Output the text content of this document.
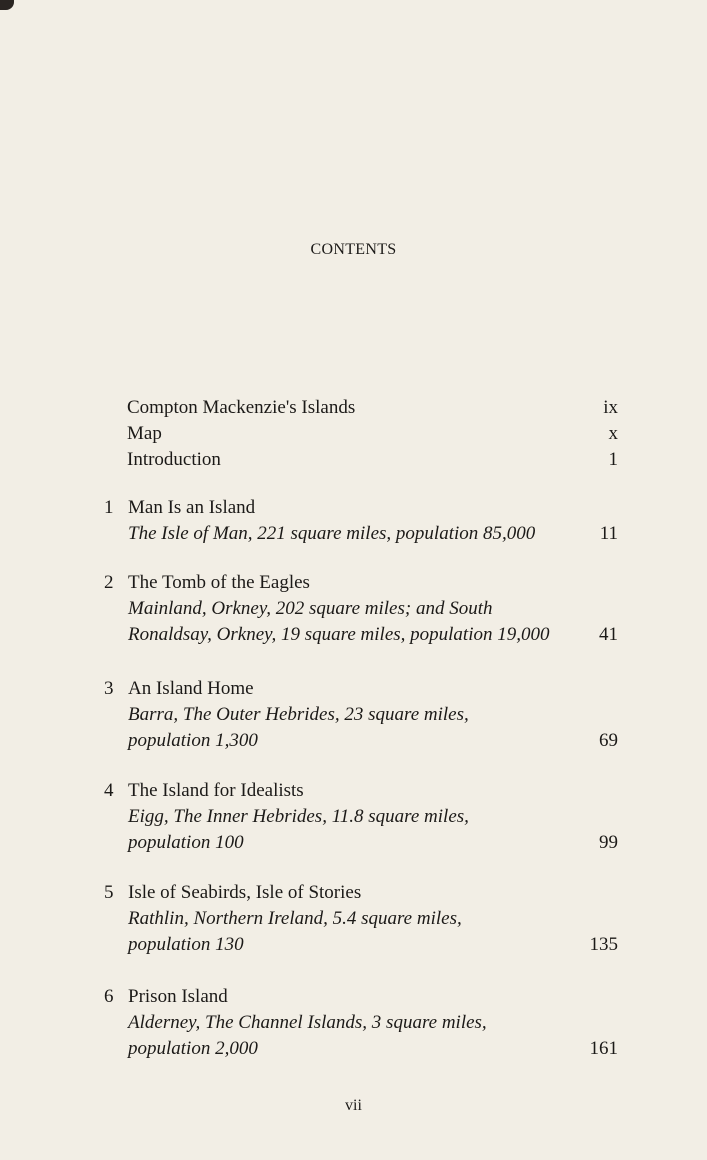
CONTENTS
Compton Mackenzie's Islands	ix
Map	x
Introduction	1
1 Man Is an Island
The Isle of Man, 221 square miles, population 85,000	11
2 The Tomb of the Eagles
Mainland, Orkney, 202 square miles; and South
Ronaldsay, Orkney, 19 square miles, population 19,000	41
3 An Island Home
Barra, The Outer Hebrides, 23 square miles,
population 1,300	69
4 The Island for Idealists
Eigg, The Inner Hebrides, 11.8 square miles,
population 100	99
5 Isle of Seabirds, Isle of Stories
Rathlin, Northern Ireland, 5.4 square miles,
population 130	135
6 Prison Island
Alderney, The Channel Islands, 3 square miles,
population 2,000	161
vii
